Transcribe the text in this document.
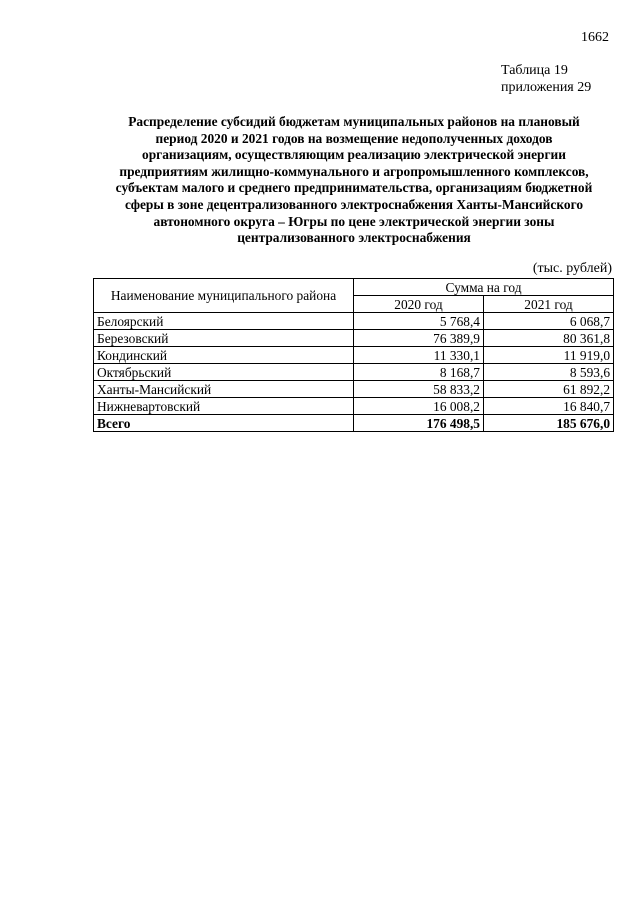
1662
Таблица 19
приложения 29
Распределение субсидий бюджетам муниципальных районов на плановый
период 2020 и 2021 годов на возмещение недополученных доходов
организациям, осуществляющим реализацию электрической энергии
предприятиям жилищно-коммунального и агропромышленного комплексов,
субъектам малого и среднего предпринимательства, организациям бюджетной
сферы в зоне децентрализованного электроснабжения Ханты-Мансийского
автономного округа – Югры по цене электрической энергии зоны
централизованного электроснабжения
(тыс. рублей)
Наименование муниципального района	Сумма на год	
	2020 год	2021 год
Белоярский	5 768,4	6 068,7
Березовский	76 389,9	80 361,8
Кондинский	11 330,1	11 919,0
Октябрьский	8 168,7	8 593,6
Ханты-Мансийский	58 833,2	61 892,2
Нижневартовский	16 008,2	16 840,7
Всего	176 498,5	185 676,0
